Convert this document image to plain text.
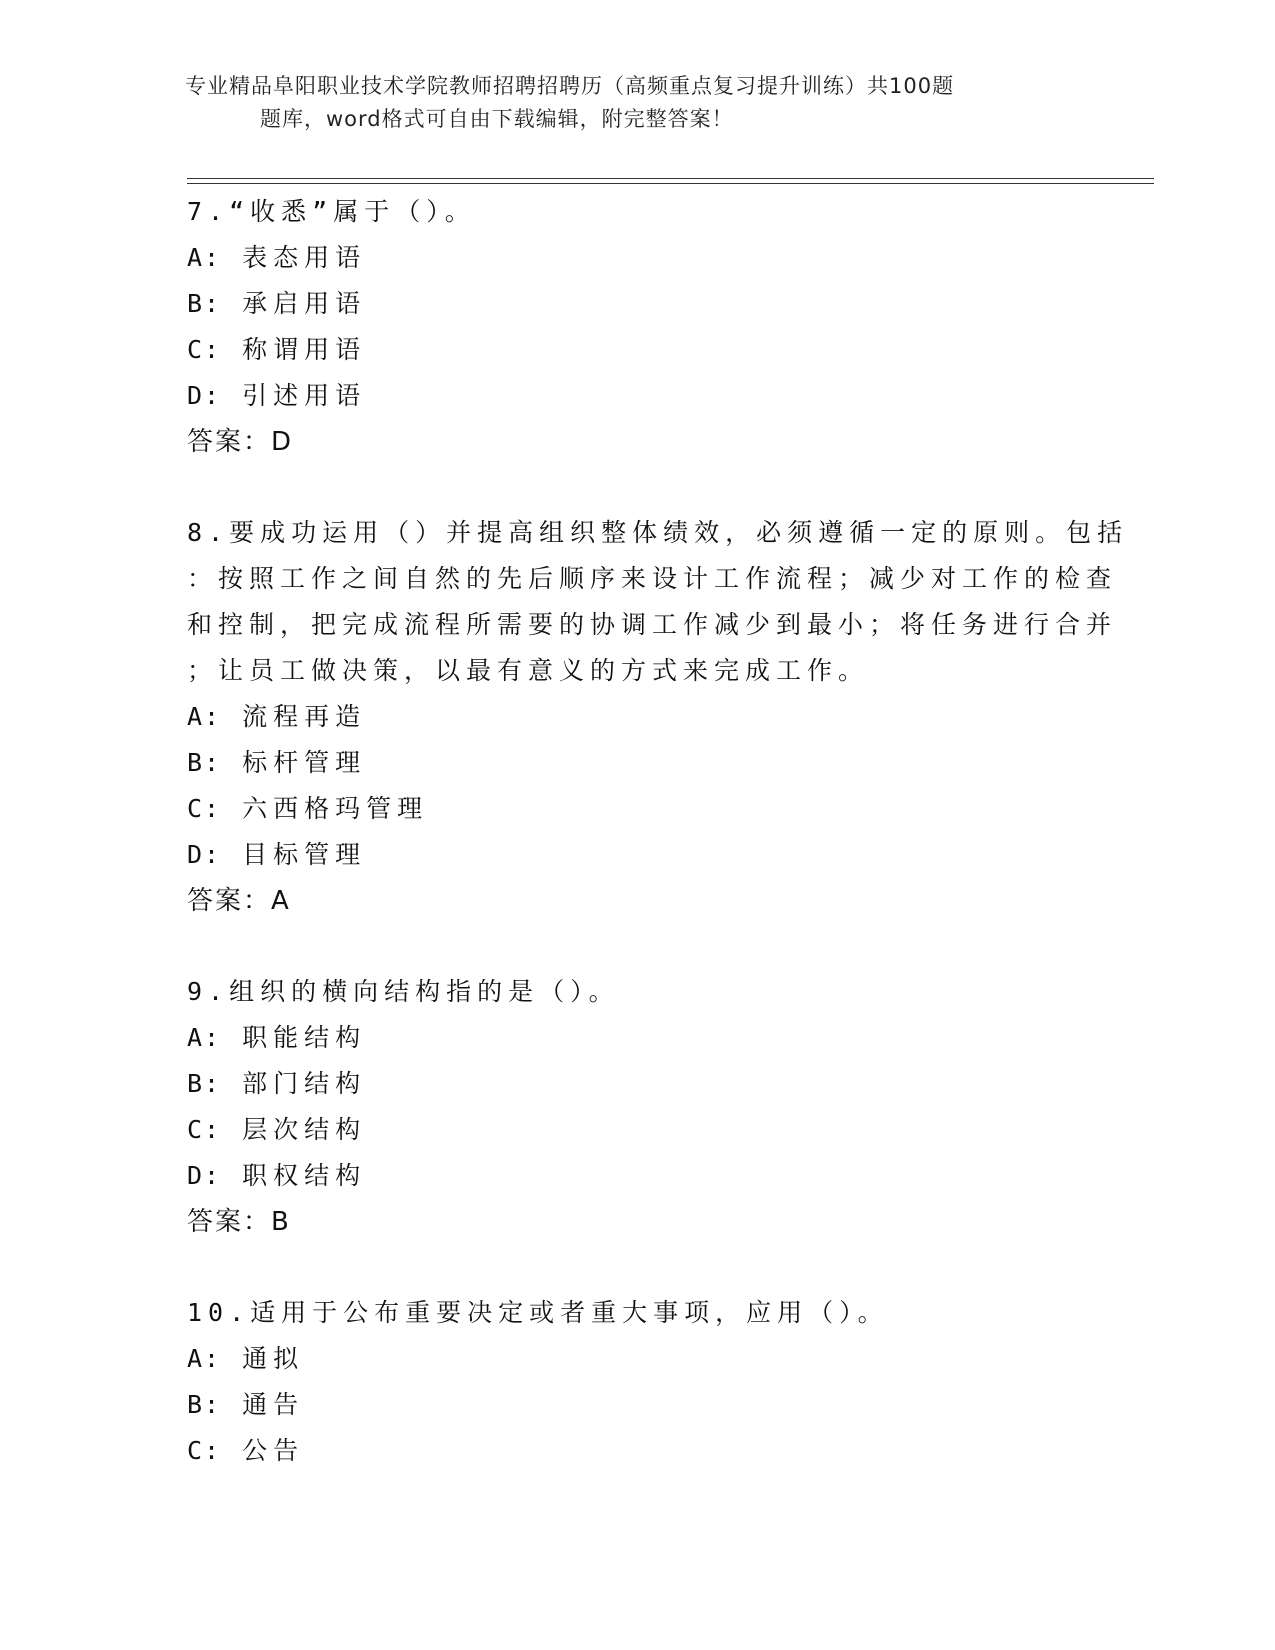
专业精品阜阳职业技术学院教师招聘招聘历（高频重点复习提升训练）共100题
题库，word格式可自由下载编辑，附完整答案！
7.“收悉”属于（）。
A: 表态用语
B: 承启用语
C: 称谓用语
D: 引述用语
答案：D
8.要成功运用（）并提高组织整体绩效，必须遵循一定的原则。包括
：按照工作之间自然的先后顺序来设计工作流程；减少对工作的检查
和控制，把完成流程所需要的协调工作减少到最小；将任务进行合并
；让员工做决策，以最有意义的方式来完成工作。
A: 流程再造
B: 标杆管理
C: 六西格玛管理
D: 目标管理
答案：A
9.组织的横向结构指的是（）。
A: 职能结构
B: 部门结构
C: 层次结构
D: 职权结构
答案：B
10.适用于公布重要决定或者重大事项，应用（）。
A: 通拟
B: 通告
C: 公告
